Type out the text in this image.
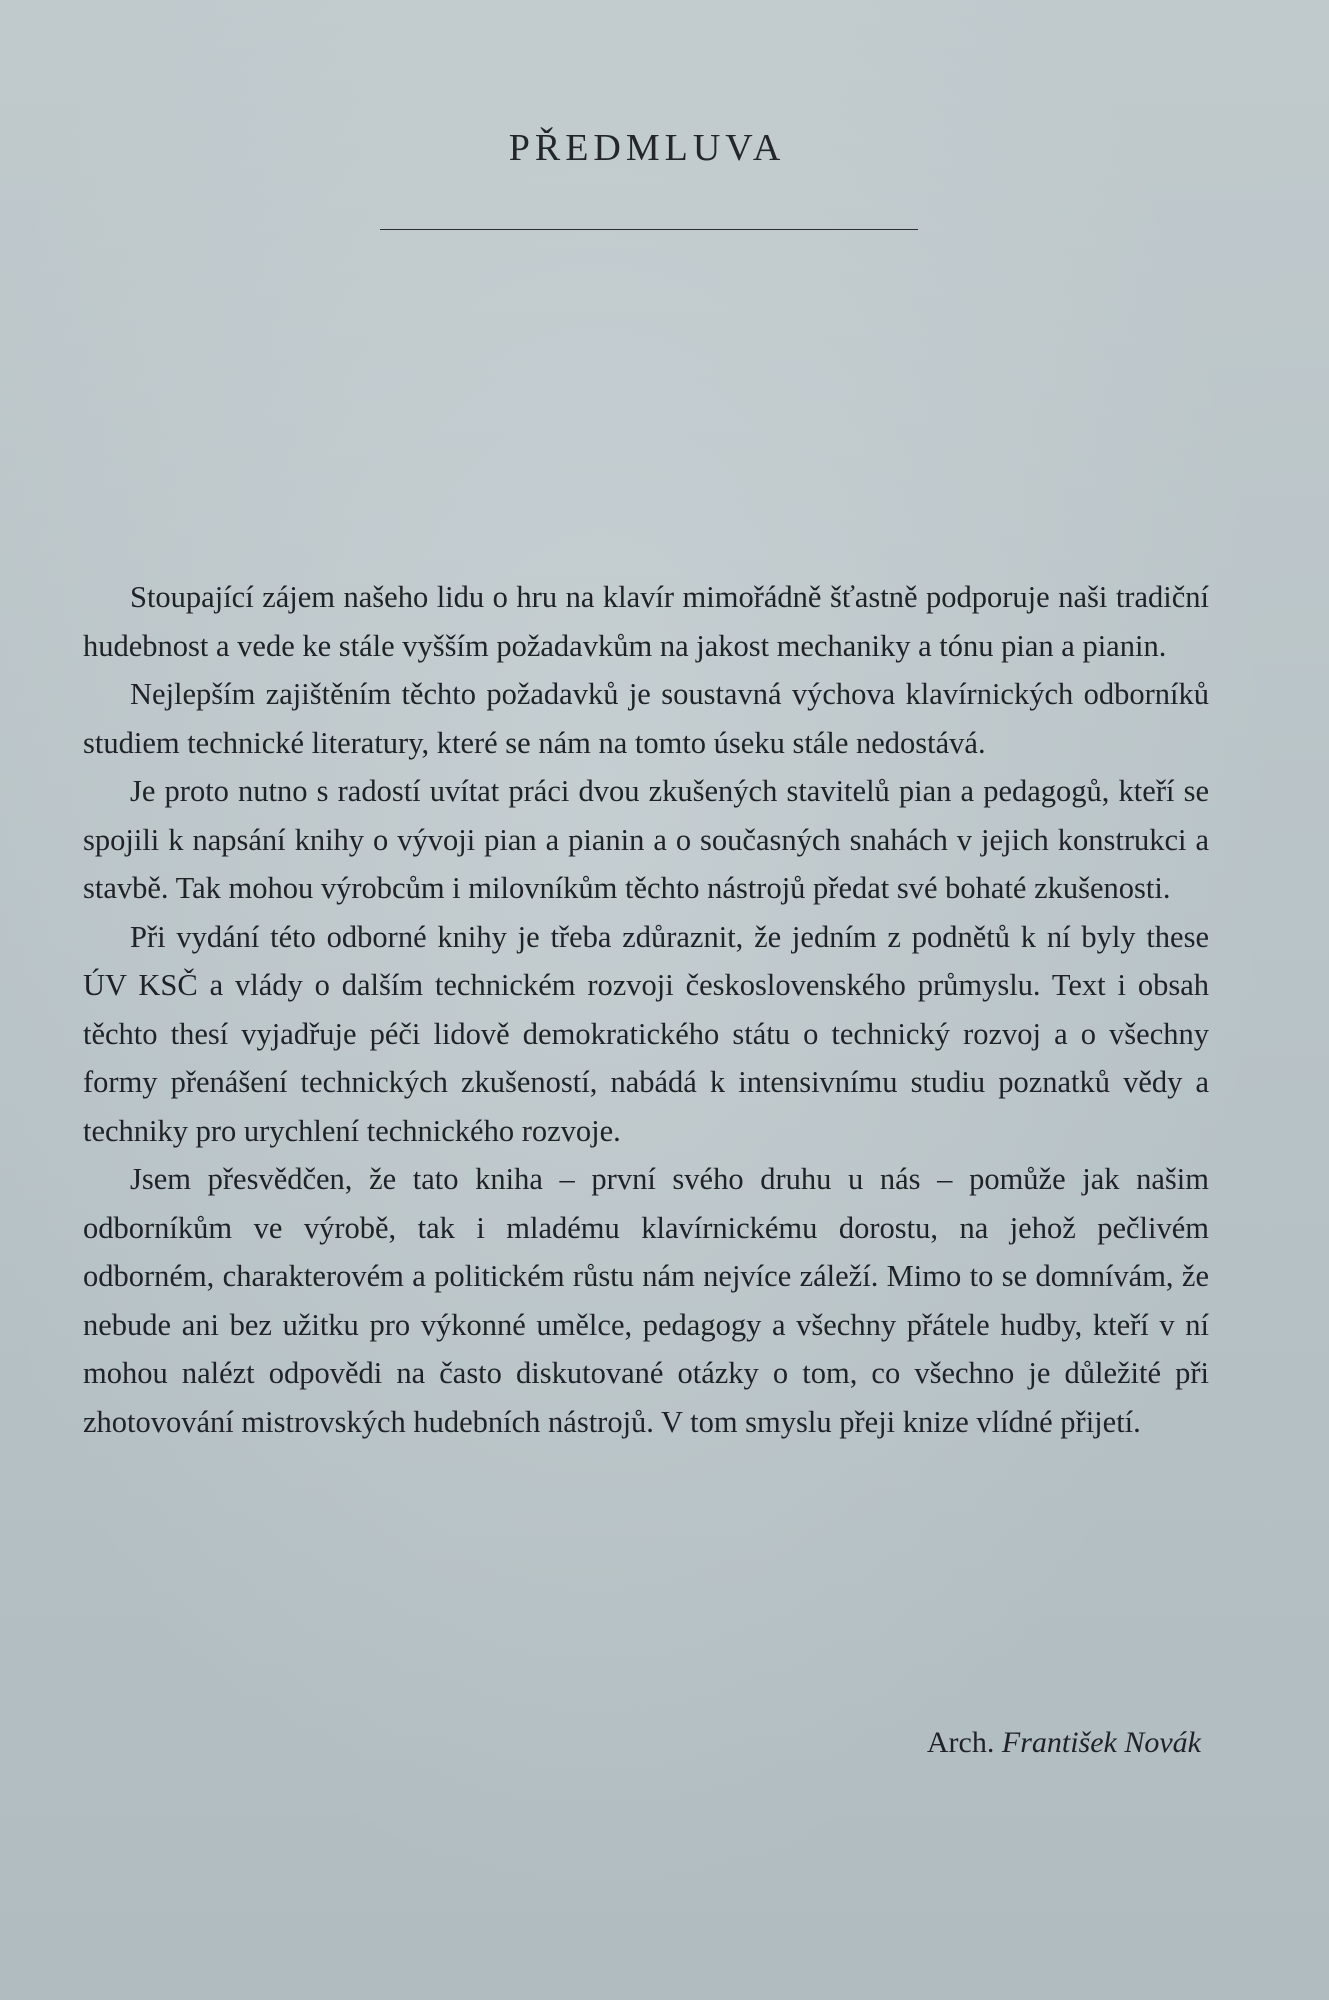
PŘEDMLUVA

Stoupající zájem našeho lidu o hru na klavír mimořádně šťastně podporuje naši tradiční hudebnost a vede ke stále vyšším požadavkům na jakost mechaniky a tónu pian a pianin.

Nejlepším zajištěním těchto požadavků je soustavná výchova klavírnických odborníků studiem technické literatury, které se nám na tomto úseku stále nedostává.

Je proto nutno s radostí uvítat práci dvou zkušených stavitelů pian a pedagogů, kteří se spojili k napsání knihy o vývoji pian a pianin a o současných snahách v jejich konstrukci a stavbě. Tak mohou výrobcům i milovníkům těchto nástrojů předat své bohaté zkušenosti.

Při vydání této odborné knihy je třeba zdůraznit, že jedním z podnětů k ní byly these ÚV KSČ a vlády o dalším technickém rozvoji československého průmyslu. Text i obsah těchto thesí vyjadřuje péči lidově demokratického státu o technický rozvoj a o všechny formy přenášení technických zkušeností, nabádá k intensivnímu studiu poznatků vědy a techniky pro urychlení technického rozvoje.

Jsem přesvědčen, že tato kniha – první svého druhu u nás – pomůže jak našim odborníkům ve výrobě, tak i mladému klavírnickému dorostu, na jehož pečlivém odborném, charakterovém a politickém růstu nám nejvíce záleží. Mimo to se domnívám, že nebude ani bez užitku pro výkonné umělce, pedagogy a všechny přátele hudby, kteří v ní mohou nalézt odpovědi na často diskutované otázky o tom, co všechno je důležité při zhotovování mistrovských hudebních nástrojů. V tom smyslu přeji knize vlídné přijetí.

Arch. František Novák
